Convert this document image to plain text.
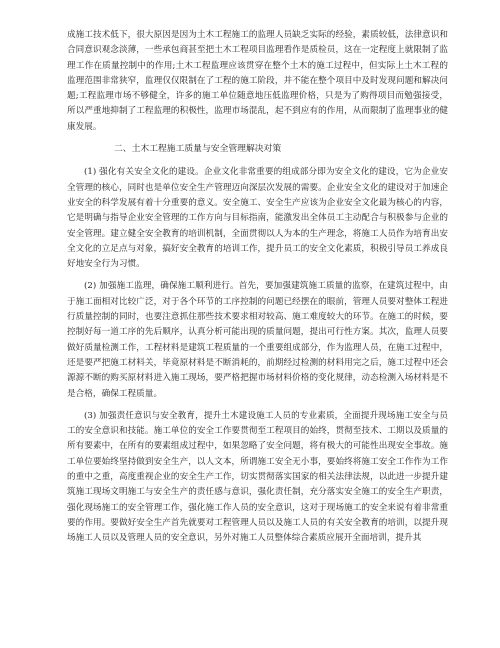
成施工技术低下，很大原因是因为土木工程施工的监理人员缺乏实际的经验，素质较低，法律意识和合同意识观念淡薄，一些承包商甚至把土木工程项目监理看作是质检员，这在一定程度上就限制了监理工作在质量控制中的作用;土木工程监理应该贯穿在整个土木的施工过程中，但实际上土木工程的监理范围非常狭窄，监理仅仅限制在了工程的施工阶段，并不能在整个项目中及时发现问题和解决问题;工程监理市场不够健全，许多的施工单位随意地压低监理价格，只是为了购得项目而勉强接受，所以严重地抑制了工程监理的积极性，监理市场混乱，起不到应有的作用，从而限制了监理事业的健康发展。

二、土木工程施工质量与安全管理解决对策

(1) 强化有关安全文化的建设。企业文化非常重要的组成部分即为安全文化的建设，它为企业安全管理的核心，同时也是单位安全生产管理迈向深层次发展的需要。企业安全文化的建设对于加速企业安全的科学发展有着十分重要的意义。安全施工、安全生产应该为企业安全文化最为核心的内容，它是明确与指导企业安全管理的工作方向与目标指南，能激发出全体员工主动配合与积极参与企业的安全管理。建立健全安全教育的培训机制，全面贯彻以人为本的生产理念，将施工人员作为培育出安全文化的立足点与对象，搞好安全教育的培训工作，提升员工的安全文化素质，积极引导员工养成良好地安全行为习惯。

(2) 加强施工监理，确保施工顺利进行。首先，要加强建筑施工质量的监察，在建筑过程中，由于施工面相对比较广泛，对于各个环节的工序控制的问题已经摆在的眼前，管理人员要对整体工程进行质量控制的同时，也要注意抓住那些技术要求相对较高、施工难度较大的环节。在施工的时候，要控制好每一道工序的先后顺序，认真分析可能出现的质量问题，提出可行性方案。其次，监理人员要做好质量检测工作，工程材料是建筑工程质量的一个重要组成部分，作为监理人员，在施工过程中，还是要严把施工材料关，毕竟原材料是不断消耗的，前期经过检测的材料用完之后，施工过程中还会源源不断的购买原材料进入施工现场，要严格把握市场材料价格的变化规律，动态检测入场材料是不是合格，确保工程质量。

(3) 加强责任意识与安全教育，提升土木建设施工人员的专业素质，全面提升现场施工安全与员工的安全意识和技能。施工单位的安全工作要贯彻至工程项目的始终，贯彻至技术、工期以及质量的所有要素中，在所有的要素组成过程中，如果忽略了安全问题，将有极大的可能性出现安全事故。施工单位要始终坚持做到安全生产，以人文本，所谓施工安全无小事，要始终将施工安全工作作为工作的重中之重，高度重视企业的安全生产工作，切实贯彻落实国家的相关法律法规，以此进一步提升建筑施工现场文明施工与安全生产的责任感与意识，强化责任制，充分落实安全施工的安全生产职责，强化现场施工的安全管理工作，强化施工作人员的安全意识，这对于现场施工的安全来说有着非常重要的作用。要做好安全生产首先就要对工程管理人员以及施工人员的有关安全教育的培训，以提升现场施工人员以及管理人员的安全意识，另外对施工人员整体综合素质应展开全面培训，提升其
